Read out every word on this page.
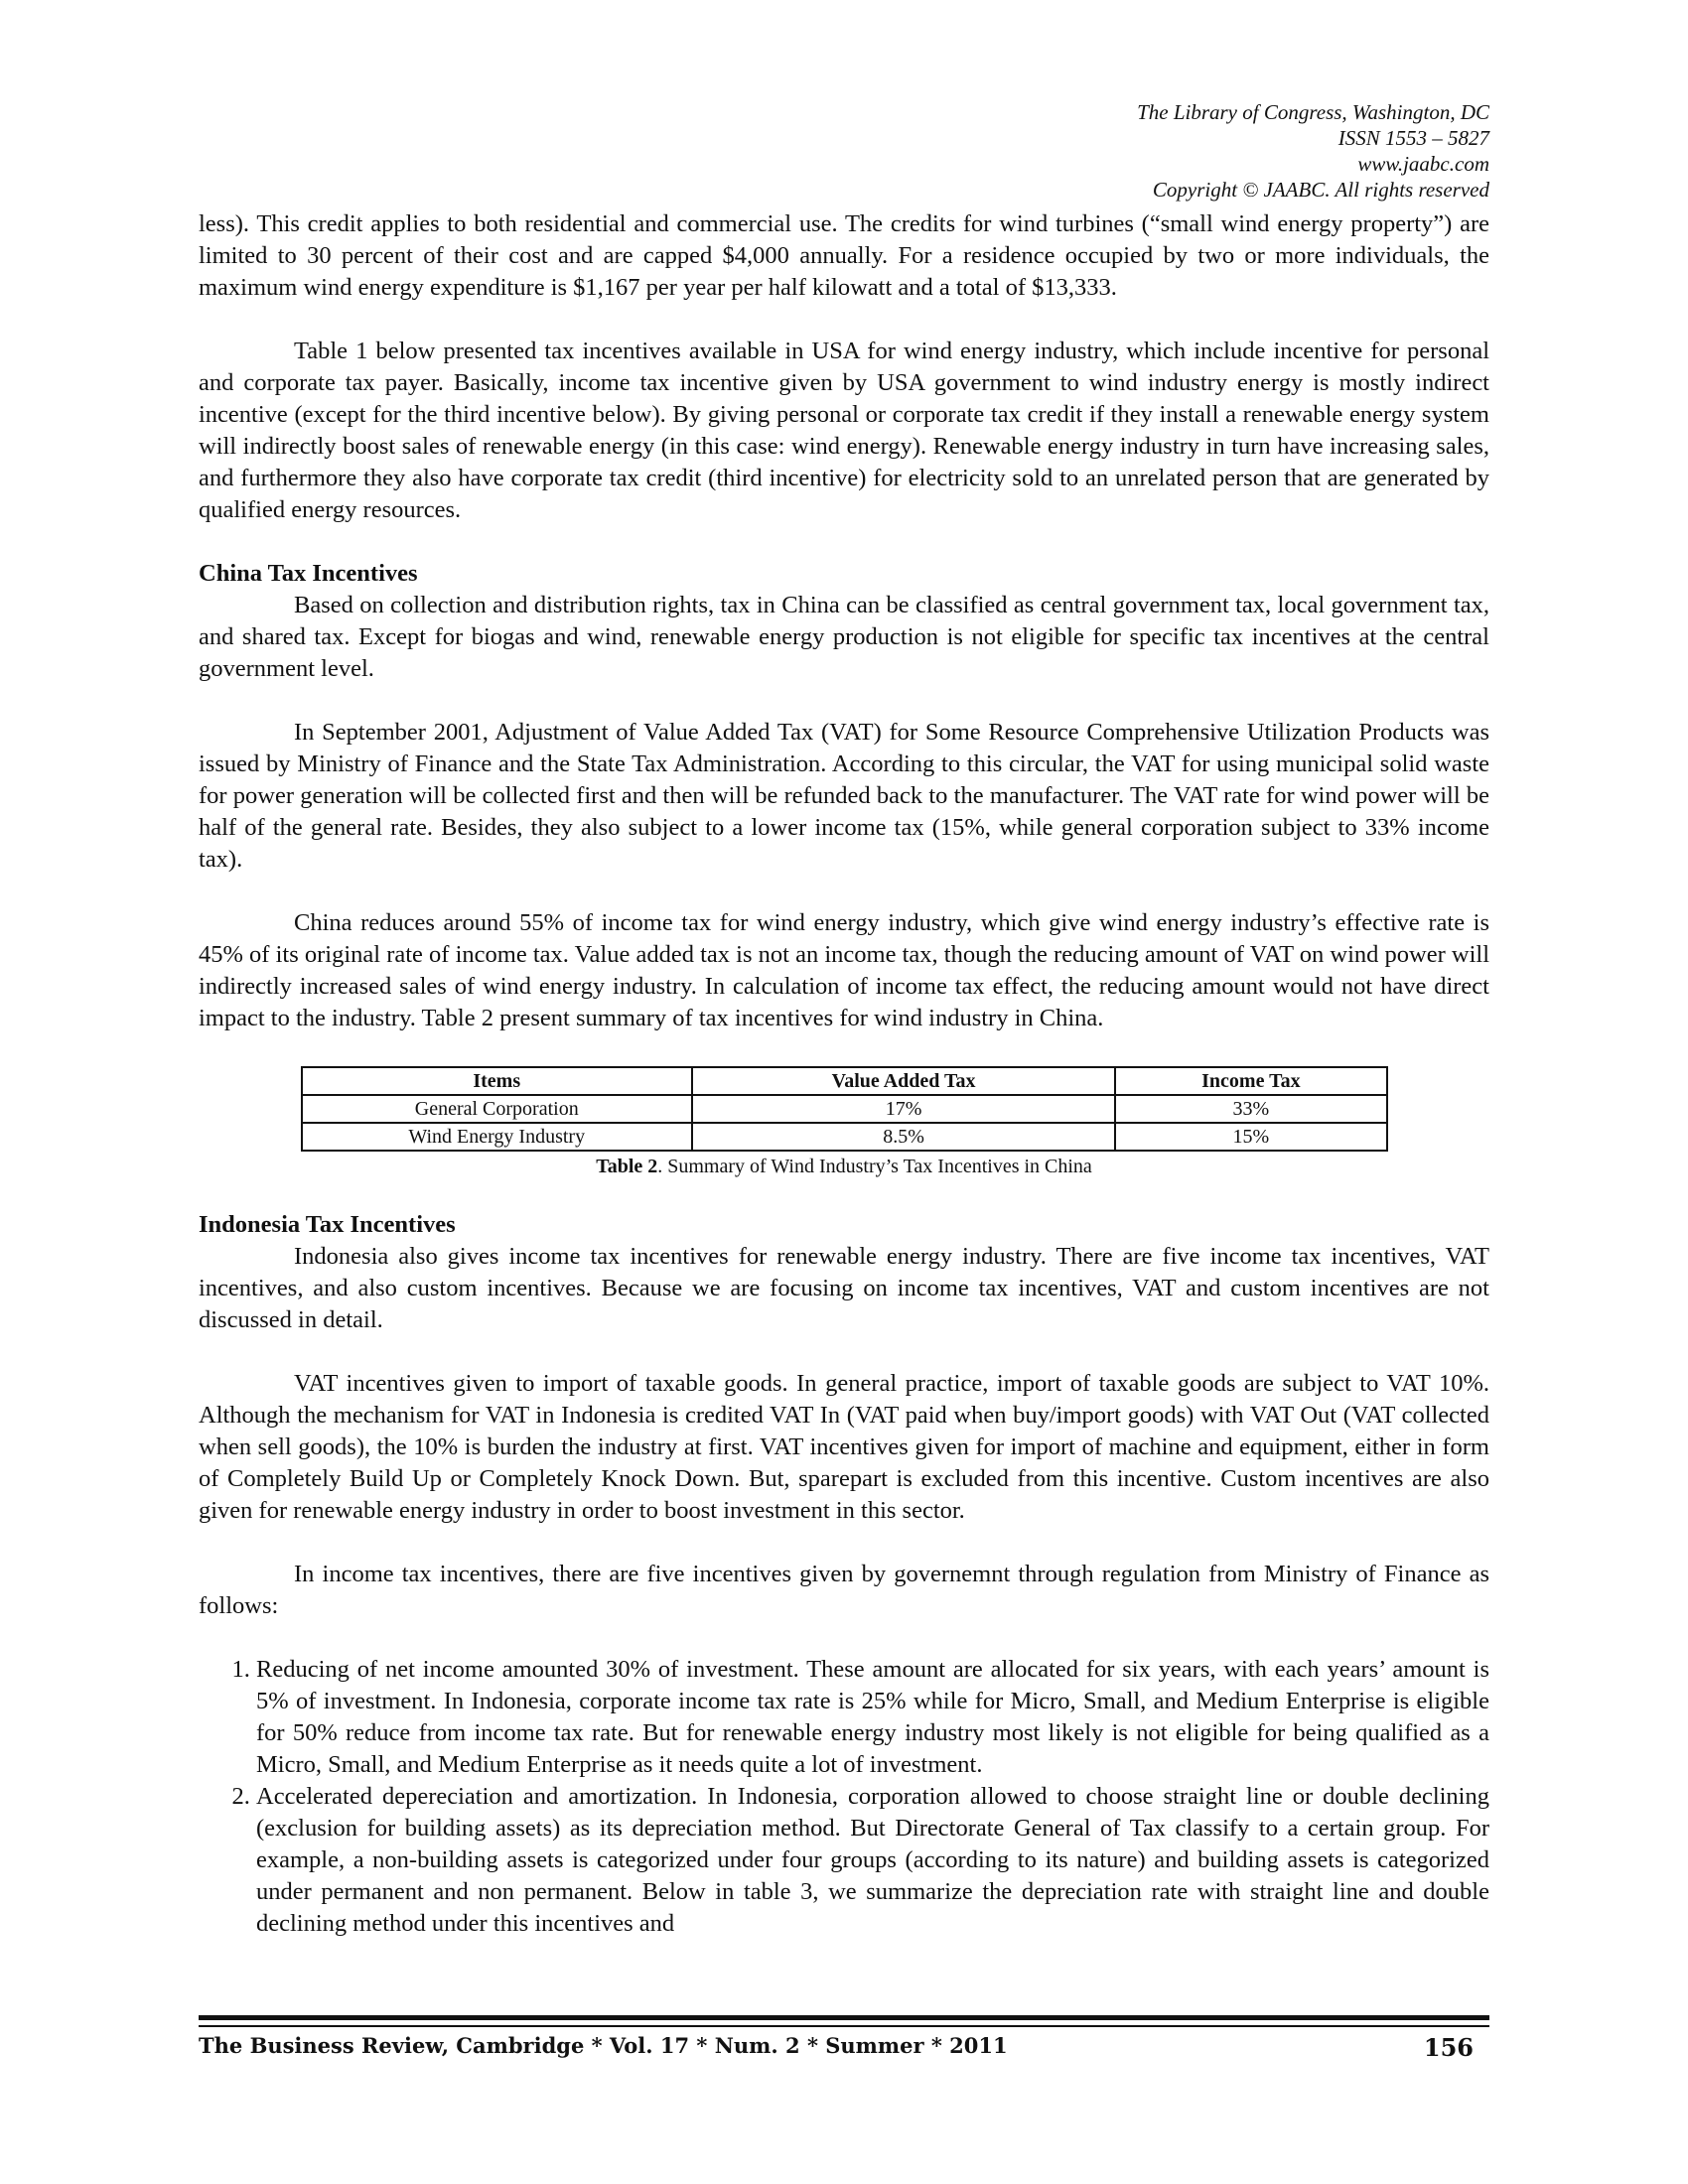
The Library of Congress, Washington, DC
ISSN 1553 – 5827
www.jaabc.com
Copyright © JAABC. All rights reserved

less). This credit applies to both residential and commercial use. The credits for wind turbines (“small wind energy property”) are limited to 30 percent of their cost and are capped $4,000 annually. For a residence occupied by two or more individuals, the maximum wind energy expenditure is $1,167 per year per half kilowatt and a total of $13,333.

Table 1 below presented tax incentives available in USA for wind energy industry, which include incentive for personal and corporate tax payer. Basically, income tax incentive given by USA government to wind industry energy is mostly indirect incentive (except for the third incentive below). By giving personal or corporate tax credit if they install a renewable energy system will indirectly boost sales of renewable energy (in this case: wind energy). Renewable energy industry in turn have increasing sales, and furthermore they also have corporate tax credit (third incentive) for electricity sold to an unrelated person that are generated by qualified energy resources.

China Tax Incentives

Based on collection and distribution rights, tax in China can be classified as central government tax, local government tax, and shared tax. Except for biogas and wind, renewable energy production is not eligible for specific tax incentives at the central government level.

In September 2001, Adjustment of Value Added Tax (VAT) for Some Resource Comprehensive Utilization Products was issued by Ministry of Finance and the State Tax Administration. According to this circular, the VAT for using municipal solid waste for power generation will be collected first and then will be refunded back to the manufacturer. The VAT rate for wind power will be half of the general rate. Besides, they also subject to a lower income tax (15%, while general corporation subject to 33% income tax).

China reduces around 55% of income tax for wind energy industry, which give wind energy industry’s effective rate is 45% of its original rate of income tax. Value added tax is not an income tax, though the reducing amount of VAT on wind power will indirectly increased sales of wind energy industry. In calculation of income tax effect, the reducing amount would not have direct impact to the industry. Table 2 present summary of tax incentives for wind industry in China.

Items	Value Added Tax	Income Tax
General Corporation	17%	33%
Wind Energy Industry	8.5%	15%
Table 2. Summary of Wind Industry’s Tax Incentives in China
Indonesia Tax Incentives

Indonesia also gives income tax incentives for renewable energy industry. There are five income tax incentives, VAT incentives, and also custom incentives. Because we are focusing on income tax incentives, VAT and custom incentives are not discussed in detail.

VAT incentives given to import of taxable goods. In general practice, import of taxable goods are subject to VAT 10%. Although the mechanism for VAT in Indonesia is credited VAT In (VAT paid when buy/import goods) with VAT Out (VAT collected when sell goods), the 10% is burden the industry at first. VAT incentives given for import of machine and equipment, either in form of Completely Build Up or Completely Knock Down. But, sparepart is excluded from this incentive. Custom incentives are also given for renewable energy industry in order to boost investment in this sector.

In income tax incentives, there are five incentives given by governemnt through regulation from Ministry of Finance as follows:

1. Reducing of net income amounted 30% of investment. These amount are allocated for six years, with each years’ amount is 5% of investment. In Indonesia, corporate income tax rate is 25% while for Micro, Small, and Medium Enterprise is eligible for 50% reduce from income tax rate. But for renewable energy industry most likely is not eligible for being qualified as a Micro, Small, and Medium Enterprise as it needs quite a lot of investment.
2. Accelerated depereciation and amortization. In Indonesia, corporation allowed to choose straight line or double declining (exclusion for building assets) as its depreciation method. But Directorate General of Tax classify to a certain group. For example, a non-building assets is categorized under four groups (according to its nature) and building assets is categorized under permanent and non permanent. Below in table 3, we summarize the depreciation rate with straight line and double declining method under this incentives and
The Business Review, Cambridge * Vol. 17 * Num. 2 * Summer * 2011	156
